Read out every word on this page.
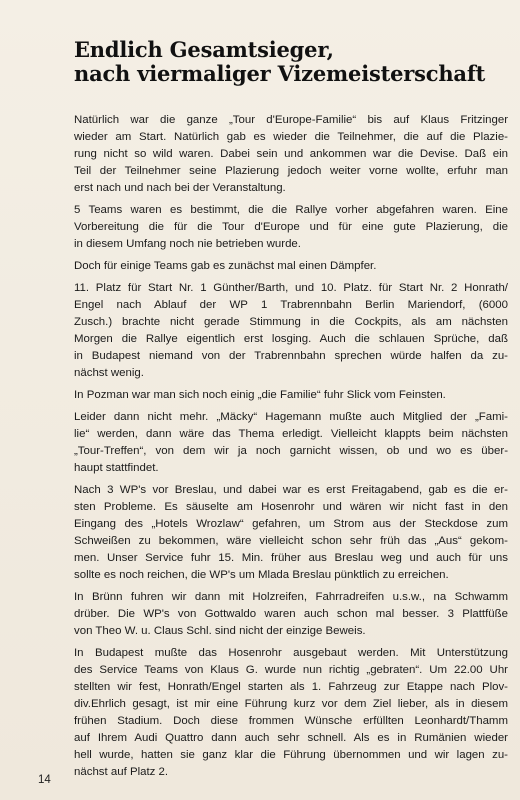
Endlich Gesamtsieger,
nach viermaliger Vizemeisterschaft

Natürlich war die ganze „Tour d'Europe-Familie“ bis auf Klaus Fritzinger
wieder am Start. Natürlich gab es wieder die Teilnehmer, die auf die Plazie-
rung nicht so wild waren. Dabei sein und ankommen war die Devise. Daß ein
Teil der Teilnehmer seine Plazierung jedoch weiter vorne wollte, erfuhr man
erst nach und nach bei der Veranstaltung.

5 Teams waren es bestimmt, die die Rallye vorher abgefahren waren. Eine
Vorbereitung die für die Tour d'Europe und für eine gute Plazierung, die
in diesem Umfang noch nie betrieben wurde.

Doch für einige Teams gab es zunächst mal einen Dämpfer.

11. Platz für Start Nr. 1 Günther/Barth, und 10. Platz. für Start Nr. 2 Honrath/
Engel nach Ablauf der WP 1 Trabrennbahn Berlin Mariendorf, (6000
Zusch.) brachte nicht gerade Stimmung in die Cockpits, als am nächsten
Morgen die Rallye eigentlich erst losging. Auch die schlauen Sprüche, daß
in Budapest niemand von der Trabrennbahn sprechen würde halfen da zu-
nächst wenig.

In Pozman war man sich noch einig „die Familie“ fuhr Slick vom Feinsten.

Leider dann nicht mehr. „Mäcky“ Hagemann mußte auch Mitglied der „Fami-
lie“ werden, dann wäre das Thema erledigt. Vielleicht klappts beim nächsten
„Tour-Treffen“, von dem wir ja noch garnicht wissen, ob und wo es über-
haupt stattfindet.

Nach 3 WP's vor Breslau, und dabei war es erst Freitagabend, gab es die er-
sten Probleme. Es säuselte am Hosenrohr und wären wir nicht fast in den
Eingang des „Hotels Wrozlaw“ gefahren, um Strom aus der Steckdose zum
Schweißen zu bekommen, wäre vielleicht schon sehr früh das „Aus“ gekom-
men. Unser Service fuhr 15. Min. früher aus Breslau weg und auch für uns
sollte es noch reichen, die WP's um Mlada Breslau pünktlich zu erreichen.

In Brünn fuhren wir dann mit Holzreifen, Fahrradreifen u.s.w., na Schwamm
drüber. Die WP's von Gottwaldo waren auch schon mal besser. 3 Plattfüße
von Theo W. u. Claus Schl. sind nicht der einzige Beweis.

In Budapest mußte das Hosenrohr ausgebaut werden. Mit Unterstützung
des Service Teams von Klaus G. wurde nun richtig „gebraten“. Um 22.00 Uhr
stellten wir fest, Honrath/Engel starten als 1. Fahrzeug zur Etappe nach Plov-
div.Ehrlich gesagt, ist mir eine Führung kurz vor dem Ziel lieber, als in diesem
frühen Stadium. Doch diese frommen Wünsche erfüllten Leonhardt/Thamm
auf Ihrem Audi Quattro dann auch sehr schnell. Als es in Rumänien wieder
hell wurde, hatten sie ganz klar die Führung übernommen und wir lagen zu-
nächst auf Platz 2.

14
